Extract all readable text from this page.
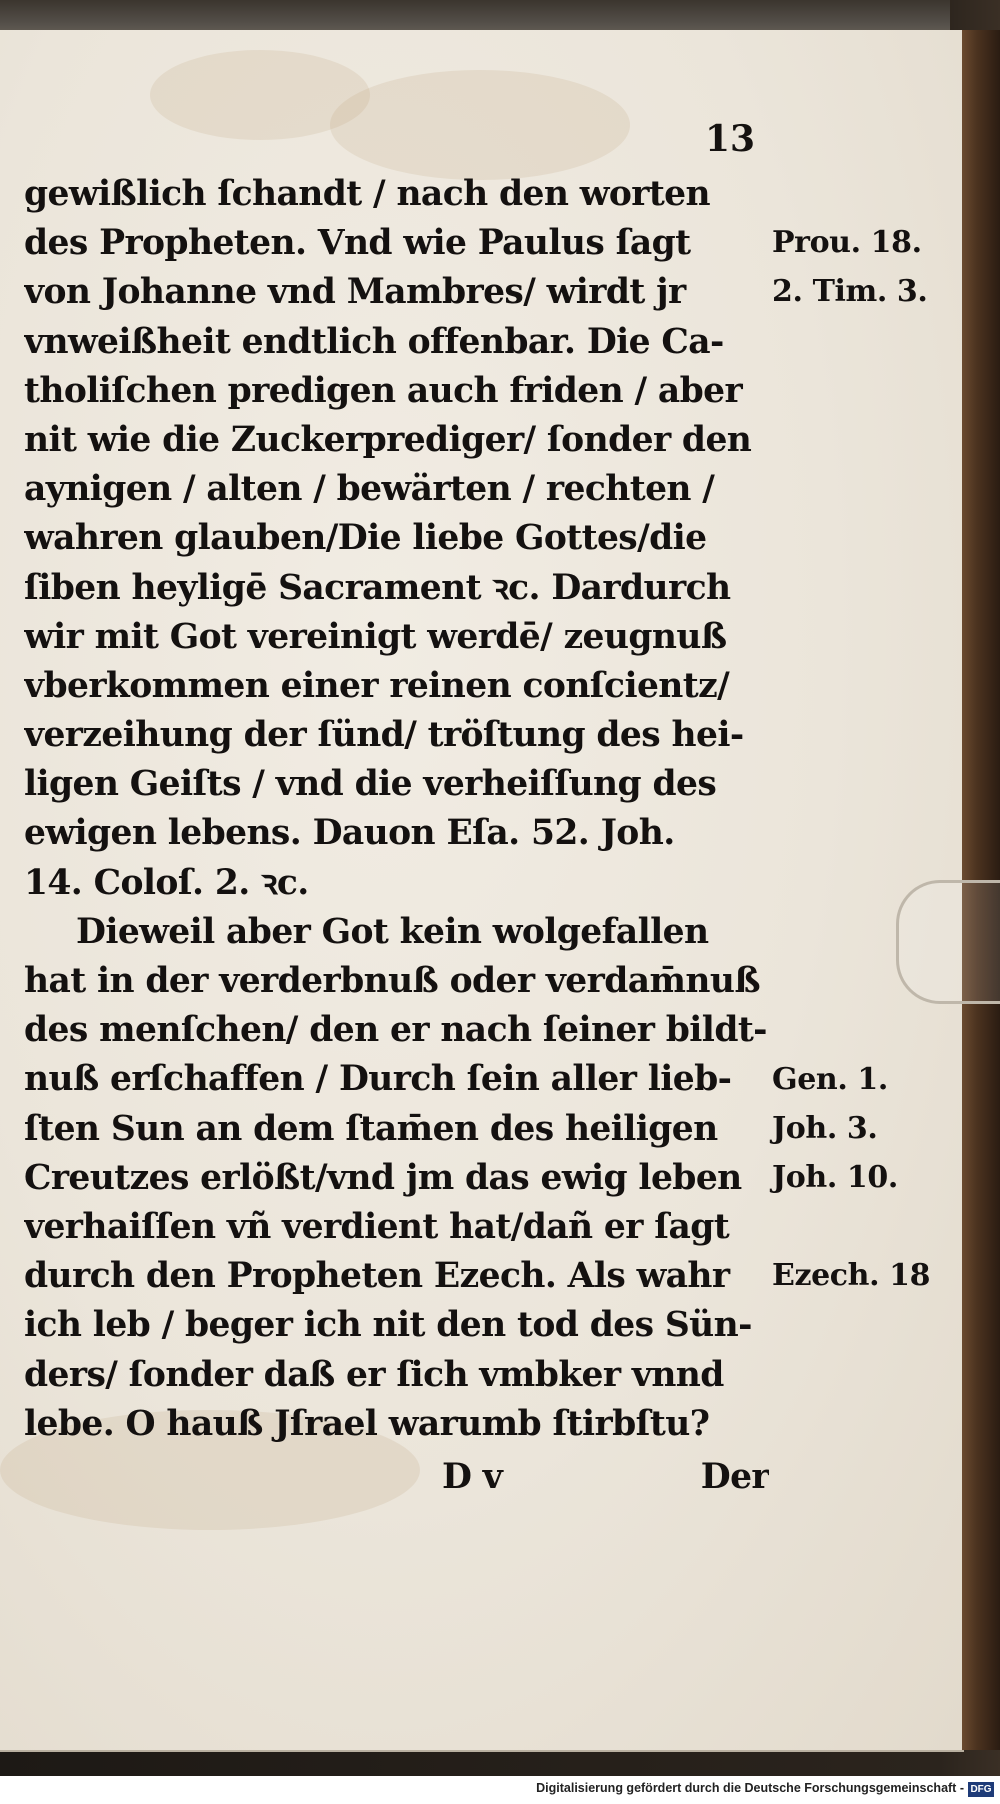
13
gewißlich ſchandt / nach den worten
des Propheten. Vnd wie Paulus ſagt
von Johanne vnd Mambres/ wirdt jr
vnweißheit endtlich offenbar. Die Ca-
tholiſchen predigen auch friden / aber
nit wie die Zuckerprediger/ ſonder den
aynigen / alten / bewärten / rechten /
wahren glauben/Die liebe Gottes/die
ſiben heyligē Sacrament ꝛc. Dardurch
wir mit Got vereinigt werdē/ zeugnuß
vberkommen einer reinen conſcientz/
verzeihung der ſünd/ tröſtung des hei-
ligen Geiſts / vnd die verheiſſung des
ewigen lebens. Dauon Eſa. 52. Joh.
14. Coloſ. 2. ꝛc.
Dieweil aber Got kein wolgefallen
hat in der verderbnuß oder verdam̄nuß
des menſchen/ den er nach ſeiner bildt-
nuß erſchaffen / Durch ſein aller lieb-
ſten Sun an dem ſtam̄en des heiligen
Creutzes erlößt/vnd jm das ewig leben
verhaiſſen vñ verdient hat/dañ er ſagt
durch den Propheten Ezech. Als wahr
ich leb / beger ich nit den tod des Sün-
ders/ ſonder daß er ſich vmbker vnnd
lebe. O hauß Jſrael warumb ſtirbſtu?
D v	Der
Prou. 18.
2. Tim. 3.
Gen. 1.
Joh. 3.
Joh. 10.
Ezech. 18
Digitalisierung gefördert durch die Deutsche Forschungsgemeinschaft - DFG
